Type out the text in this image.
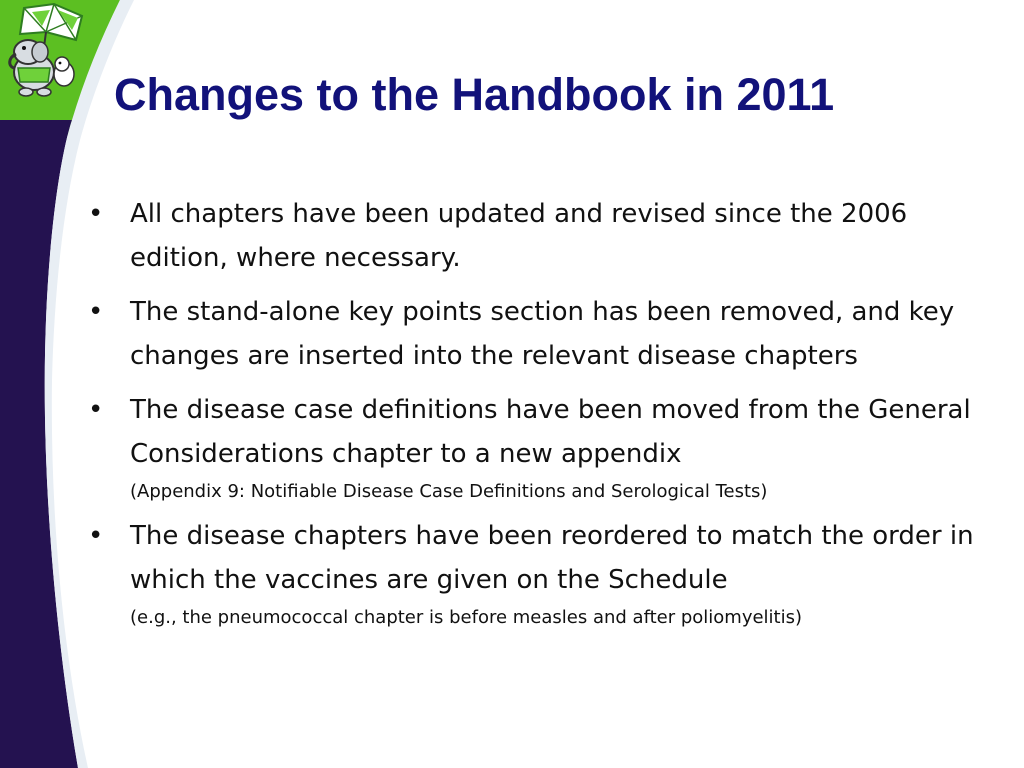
Changes to the Handbook in 2011
• All chapters have been updated and revised since the 2006 edition, where necessary.
• The stand-alone key points section has been removed, and key changes are inserted into the relevant disease chapters
• The disease case definitions have been moved from the General Considerations chapter to a new appendix
(Appendix 9: Notifiable Disease Case Definitions and Serological Tests)
• The disease chapters have been reordered to match the order in which the vaccines are given on the Schedule
(e.g., the pneumococcal chapter is before measles and after poliomyelitis)
